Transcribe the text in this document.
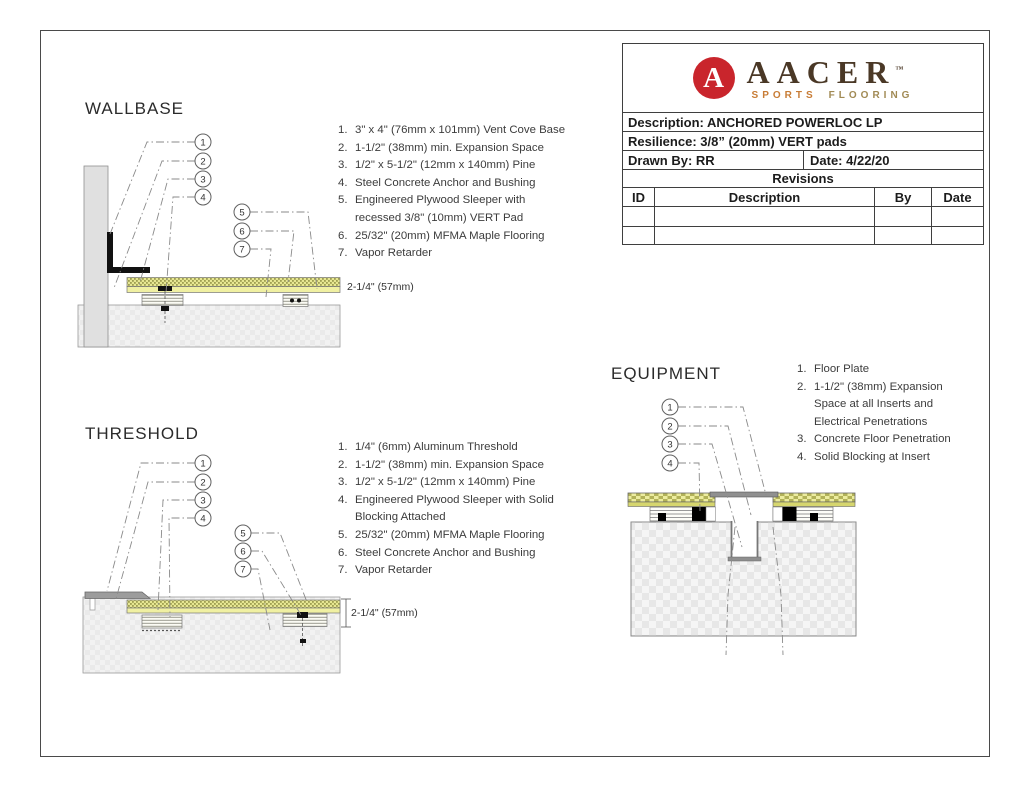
A AACER™
SPORTS FLOORING
Description: ANCHORED POWERLOC LP
Resilience: 3/8” (20mm) VERT pads
Drawn By: RR	Date: 4/22/20
Revisions
ID	Description	By	Date
WALLBASE
2-1/4" (57mm)
1
2
3
4
5
6
7
3" x 4" (76mm x 101mm) Vent Cove Base
1-1/2" (38mm) min. Expansion Space
1/2" x 5-1/2" (12mm x 140mm) Pine
Steel Concrete Anchor and Bushing
Engineered Plywood Sleeper with recessed 3/8" (10mm) VERT Pad
25/32" (20mm) MFMA Maple Flooring
Vapor Retarder
THRESHOLD
2-1/4" (57mm)
1
2
3
4
5
6
7
1/4" (6mm) Aluminum Threshold
1-1/2" (38mm) min. Expansion Space
1/2" x 5-1/2" (12mm x 140mm) Pine
Engineered Plywood Sleeper with Solid Blocking Attached
25/32" (20mm) MFMA Maple Flooring
Steel Concrete Anchor and Bushing
Vapor Retarder
EQUIPMENT
1
2
3
4
Floor Plate
1-1/2" (38mm) Expansion Space at all Inserts and Electrical Penetrations
Concrete Floor Penetration
Solid Blocking at Insert
